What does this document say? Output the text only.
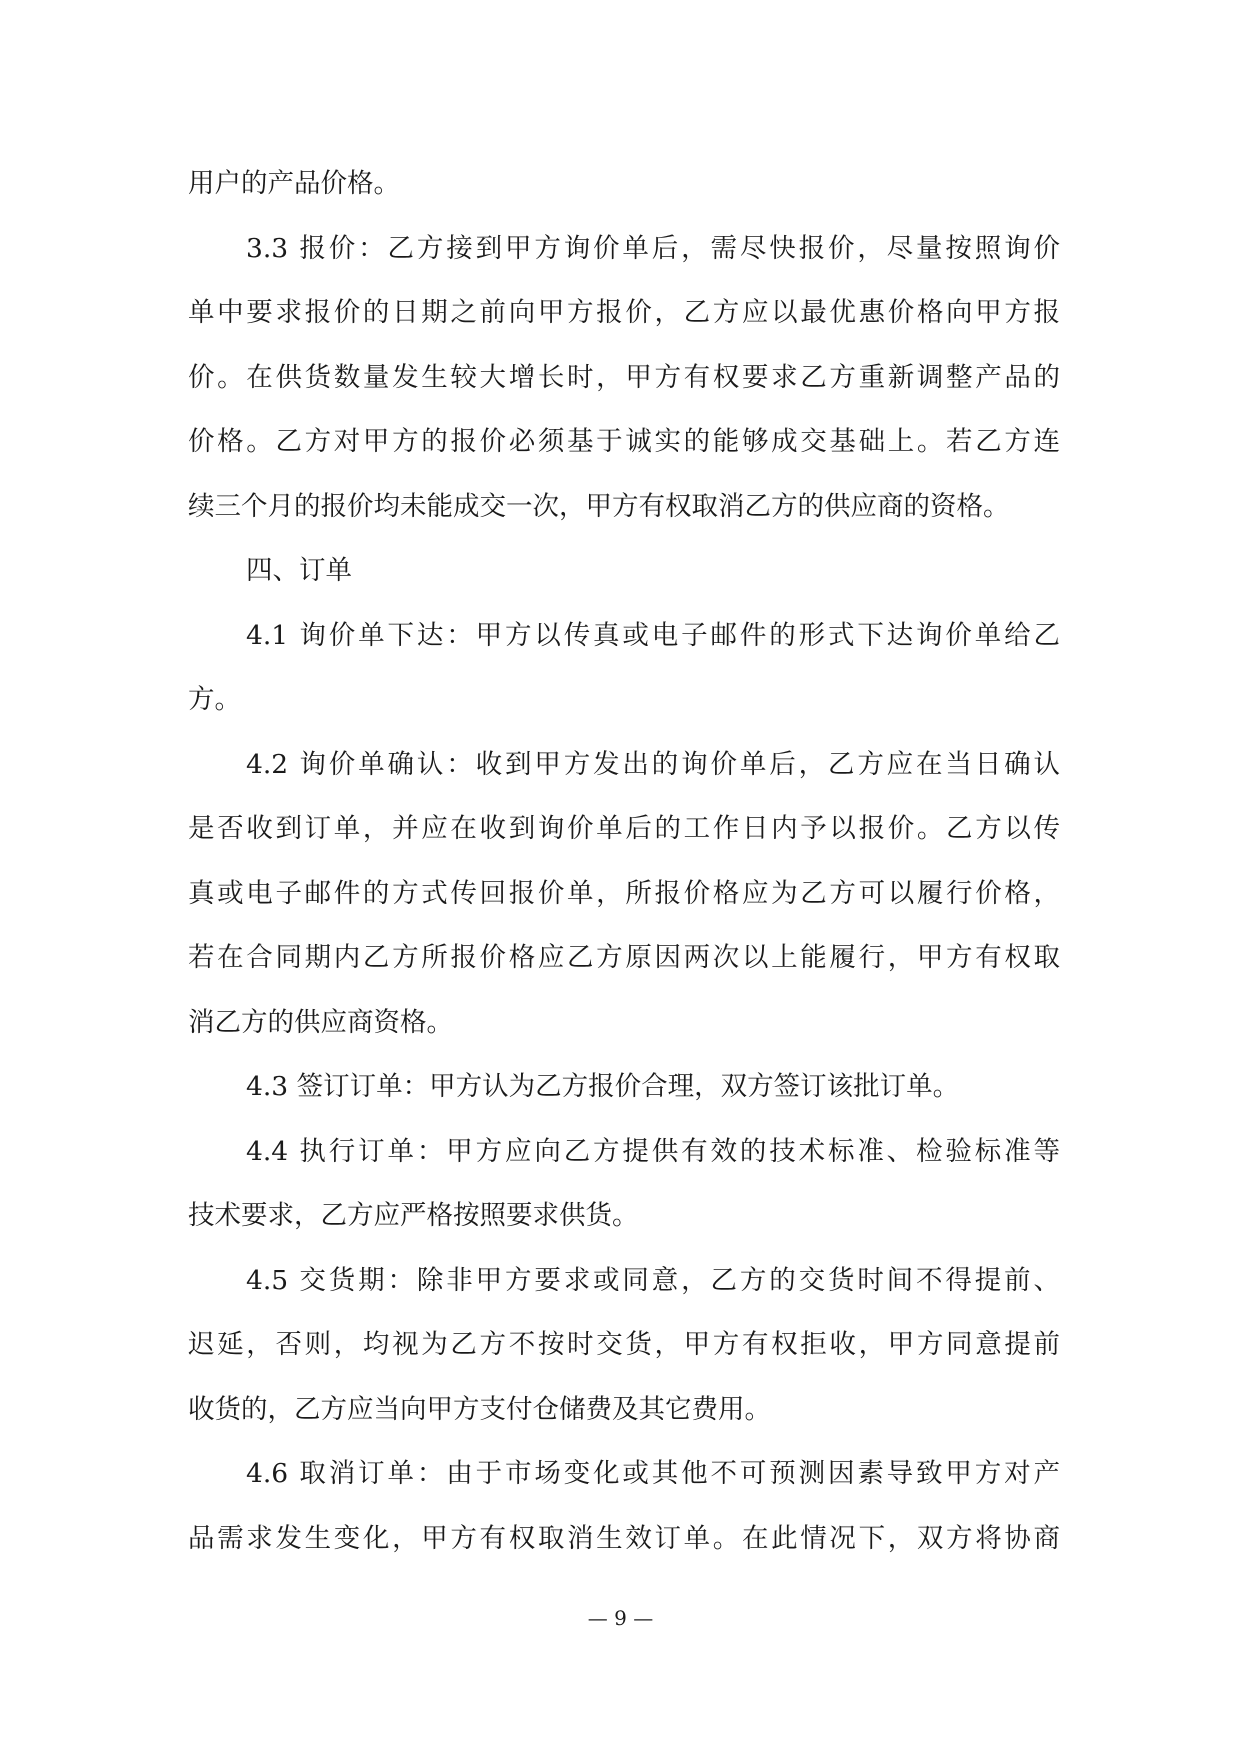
用户的产品价格。
3.3 报价：乙方接到甲方询价单后，需尽快报价，尽量按照询价
单中要求报价的日期之前向甲方报价，乙方应以最优惠价格向甲方报
价。在供货数量发生较大增长时，甲方有权要求乙方重新调整产品的
价格。乙方对甲方的报价必须基于诚实的能够成交基础上。若乙方连
续三个月的报价均未能成交一次，甲方有权取消乙方的供应商的资格。
四、订单
4.1 询价单下达：甲方以传真或电子邮件的形式下达询价单给乙
方。
4.2 询价单确认：收到甲方发出的询价单后，乙方应在当日确认
是否收到订单，并应在收到询价单后的工作日内予以报价。乙方以传
真或电子邮件的方式传回报价单，所报价格应为乙方可以履行价格，
若在合同期内乙方所报价格应乙方原因两次以上能履行，甲方有权取
消乙方的供应商资格。
4.3 签订订单：甲方认为乙方报价合理，双方签订该批订单。
4.4 执行订单：甲方应向乙方提供有效的技术标准、检验标准等
技术要求，乙方应严格按照要求供货。
4.5 交货期：除非甲方要求或同意，乙方的交货时间不得提前、
迟延，否则，均视为乙方不按时交货，甲方有权拒收，甲方同意提前
收货的，乙方应当向甲方支付仓储费及其它费用。
4.6 取消订单：由于市场变化或其他不可预测因素导致甲方对产
品需求发生变化，甲方有权取消生效订单。在此情况下，双方将协商
— 9 —
